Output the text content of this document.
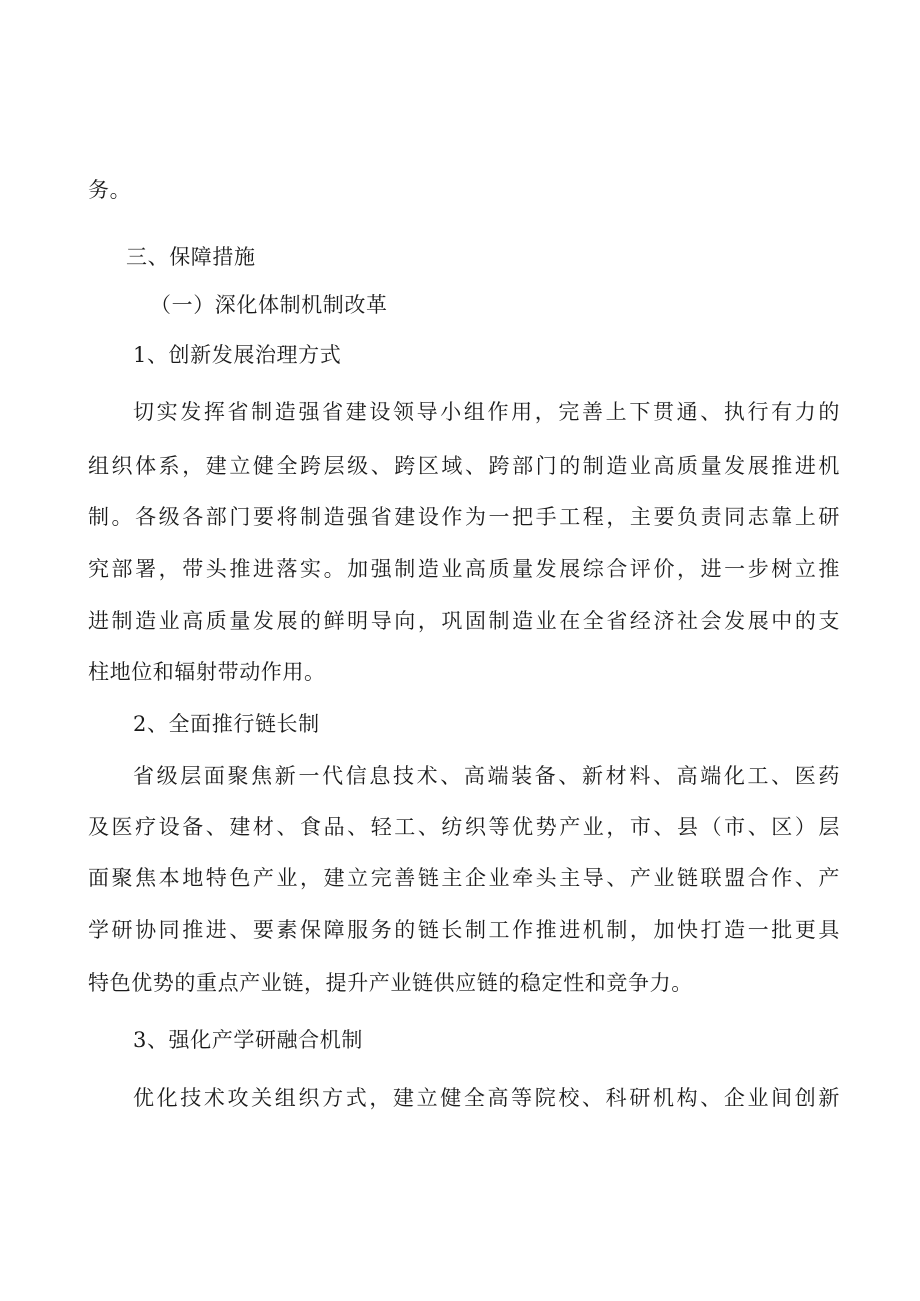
务。
三、保障措施
（一）深化体制机制改革
1、创新发展治理方式
切实发挥省制造强省建设领导小组作用，完善上下贯通、执行有力的
组织体系，建立健全跨层级、跨区域、跨部门的制造业高质量发展推进机
制。各级各部门要将制造强省建设作为一把手工程，主要负责同志靠上研
究部署，带头推进落实。加强制造业高质量发展综合评价，进一步树立推
进制造业高质量发展的鲜明导向，巩固制造业在全省经济社会发展中的支
柱地位和辐射带动作用。
2、全面推行链长制
省级层面聚焦新一代信息技术、高端装备、新材料、高端化工、医药
及医疗设备、建材、食品、轻工、纺织等优势产业，市、县（市、区）层
面聚焦本地特色产业，建立完善链主企业牵头主导、产业链联盟合作、产
学研协同推进、要素保障服务的链长制工作推进机制，加快打造一批更具
特色优势的重点产业链，提升产业链供应链的稳定性和竞争力。
3、强化产学研融合机制
优化技术攻关组织方式，建立健全高等院校、科研机构、企业间创新
